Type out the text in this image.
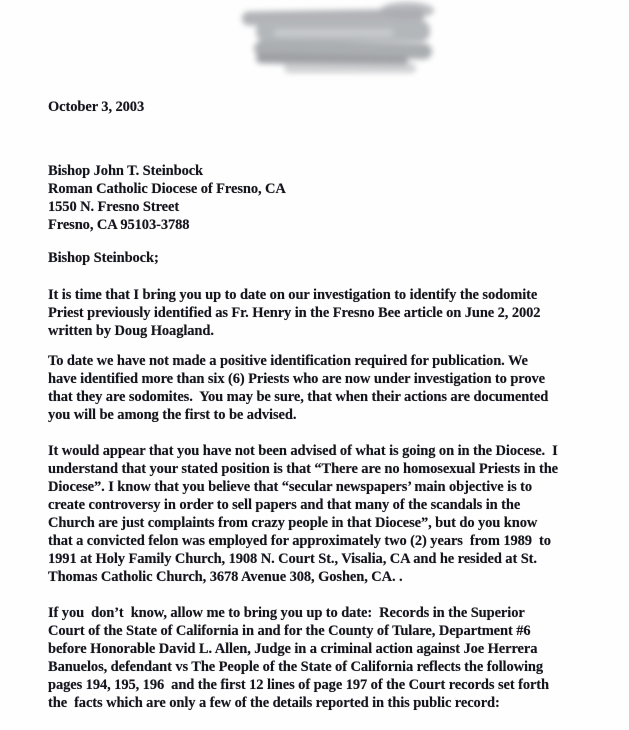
October 3, 2003
Bishop John T. Steinbock
Roman Catholic Diocese of Fresno, CA
1550 N. Fresno Street
Fresno, CA 95103-3788
Bishop Steinbock;
It is time that I bring you up to date on our investigation to identify the sodomite
Priest previously identified as Fr. Henry in the Fresno Bee article on June 2, 2002
written by Doug Hoagland.
To date we have not made a positive identification required for publication. We
have identified more than six (6) Priests who are now under investigation to prove
that they are sodomites.  You may be sure, that when their actions are documented
you will be among the first to be advised.
It would appear that you have not been advised of what is going on in the Diocese.  I
understand that your stated position is that “There are no homosexual Priests in the
Diocese”. I know that you believe that “secular newspapers’ main objective is to
create controversy in order to sell papers and that many of the scandals in the
Church are just complaints from crazy people in that Diocese”, but do you know
that a convicted felon was employed for approximately two (2) years  from 1989  to
1991 at Holy Family Church, 1908 N. Court St., Visalia, CA and he resided at St.
Thomas Catholic Church, 3678 Avenue 308, Goshen, CA. .
If you  don’t  know, allow me to bring you up to date:  Records in the Superior
Court of the State of California in and for the County of Tulare, Department #6
before Honorable David L. Allen, Judge in a criminal action against Joe Herrera
Banuelos, defendant vs The People of the State of California reflects the following
pages 194, 195, 196  and the first 12 lines of page 197 of the Court records set forth
the  facts which are only a few of the details reported in this public record:
